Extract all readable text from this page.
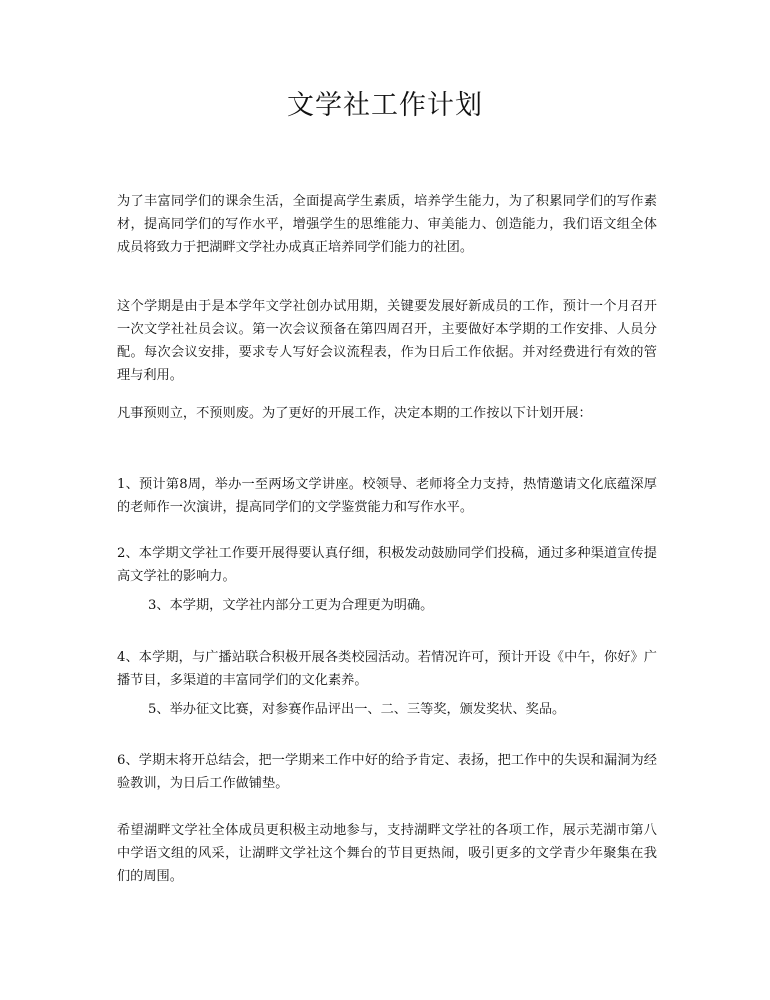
文学社工作计划

为了丰富同学们的课余生活，全面提高学生素质，培养学生能力，为了积累同学们的写作素材，提高同学们的写作水平，增强学生的思维能力、审美能力、创造能力，我们语文组全体成员将致力于把湖畔文学社办成真正培养同学们能力的社团。

这个学期是由于是本学年文学社创办试用期，关键要发展好新成员的工作，预计一个月召开一次文学社社员会议。第一次会议预备在第四周召开，主要做好本学期的工作安排、人员分配。每次会议安排，要求专人写好会议流程表，作为日后工作依据。并对经费进行有效的管理与利用。

凡事预则立，不预则废。为了更好的开展工作，决定本期的工作按以下计划开展：

1、预计第8周，举办一至两场文学讲座。校领导、老师将全力支持，热情邀请文化底蕴深厚的老师作一次演讲，提高同学们的文学鉴赏能力和写作水平。

2、本学期文学社工作要开展得要认真仔细，积极发动鼓励同学们投稿，通过多种渠道宣传提高文学社的影响力。

3、本学期，文学社内部分工更为合理更为明确。

4、本学期，与广播站联合积极开展各类校园活动。若情况许可，预计开设《中午，你好》广播节目，多渠道的丰富同学们的文化素养。

5、举办征文比赛，对参赛作品评出一、二、三等奖，颁发奖状、奖品。

6、学期末将开总结会，把一学期来工作中好的给予肯定、表扬，把工作中的失误和漏洞为经验教训，为日后工作做铺垫。

希望湖畔文学社全体成员更积极主动地参与，支持湖畔文学社的各项工作，展示芜湖市第八中学语文组的风采，让湖畔文学社这个舞台的节目更热闹，吸引更多的文学青少年聚集在我们的周围。
